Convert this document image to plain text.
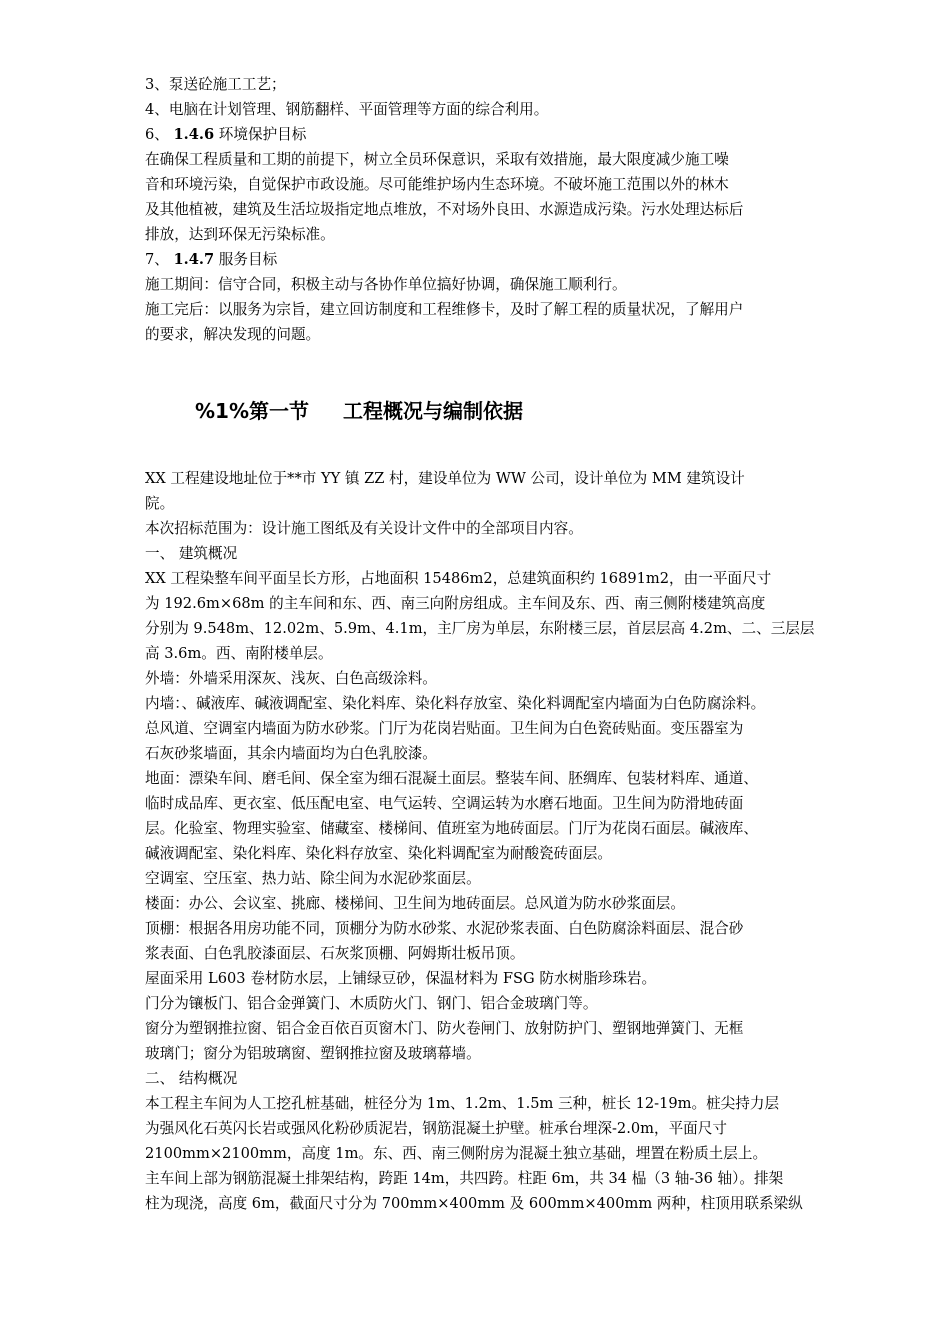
3、泵送砼施工工艺；
4、电脑在计划管理、钢筋翻样、平面管理等方面的综合利用。
6、 1.4.6 环境保护目标
在确保工程质量和工期的前提下，树立全员环保意识，采取有效措施，最大限度减少施工噪
音和环境污染，自觉保护市政设施。尽可能维护场内生态环境。不破坏施工范围以外的林木
及其他植被，建筑及生活垃圾指定地点堆放，不对场外良田、水源造成污染。污水处理达标后
排放，达到环保无污染标准。
7、 1.4.7 服务目标
施工期间：信守合同，积极主动与各协作单位搞好协调，确保施工顺利行。
施工完后：以服务为宗旨，建立回访制度和工程维修卡，及时了解工程的质量状况，了解用户
的要求，解决发现的问题。
%1%第一节 工程概况与编制依据
XX 工程建设地址位于**市 YY 镇 ZZ 村，建设单位为 WW 公司，设计单位为 MM 建筑设计
院。
本次招标范围为：设计施工图纸及有关设计文件中的全部项目内容。
一、 建筑概况
XX 工程染整车间平面呈长方形，占地面积 15486m2，总建筑面积约 16891m2，由一平面尺寸
为 192.6m×68m 的主车间和东、西、南三向附房组成。主车间及东、西、南三侧附楼建筑高度
分别为 9.548m、12.02m、5.9m、4.1m，主厂房为单层，东附楼三层，首层层高 4.2m、二、三层层
高 3.6m。西、南附楼单层。
外墙：外墙采用深灰、浅灰、白色高级涂料。
内墙：、碱液库、碱液调配室、染化料库、染化料存放室、染化料调配室内墙面为白色防腐涂料。
总风道、空调室内墙面为防水砂浆。门厅为花岗岩贴面。卫生间为白色瓷砖贴面。变压器室为
石灰砂浆墙面，其余内墙面均为白色乳胶漆。
地面：漂染车间、磨毛间、保全室为细石混凝土面层。整装车间、胚绸库、包装材料库、通道、
临时成品库、更衣室、低压配电室、电气运转、空调运转为水磨石地面。卫生间为防滑地砖面
层。化验室、物理实验室、储藏室、楼梯间、值班室为地砖面层。门厅为花岗石面层。碱液库、
碱液调配室、染化料库、染化料存放室、染化料调配室为耐酸瓷砖面层。
空调室、空压室、热力站、除尘间为水泥砂浆面层。
楼面：办公、会议室、挑廊、楼梯间、卫生间为地砖面层。总风道为防水砂浆面层。
顶棚：根据各用房功能不同，顶棚分为防水砂浆、水泥砂浆表面、白色防腐涂料面层、混合砂
浆表面、白色乳胶漆面层、石灰浆顶棚、阿姆斯壮板吊顶。
屋面采用 L603 卷材防水层，上铺绿豆砂，保温材料为 FSG 防水树脂珍珠岩。
门分为镶板门、铝合金弹簧门、木质防火门、钢门、铝合金玻璃门等。
窗分为塑钢推拉窗、铝合金百依百页窗木门、防火卷闸门、放射防护门、塑钢地弹簧门、无框
玻璃门；窗分为铝玻璃窗、塑钢推拉窗及玻璃幕墙。
二、 结构概况
本工程主车间为人工挖孔桩基础，桩径分为 1m、1.2m、1.5m 三种，桩长 12-19m。桩尖持力层
为强风化石英闪长岩或强风化粉砂质泥岩，钢筋混凝土护壁。桩承台埋深-2.0m，平面尺寸
2100mm×2100mm，高度 1m。东、西、南三侧附房为混凝土独立基础，埋置在粉质土层上。
主车间上部为钢筋混凝土排架结构，跨距 14m，共四跨。柱距 6m，共 34 榀（3 轴-36 轴）。排架
柱为现浇，高度 6m，截面尺寸分为 700mm×400mm 及 600mm×400mm 两种，柱顶用联系梁纵
